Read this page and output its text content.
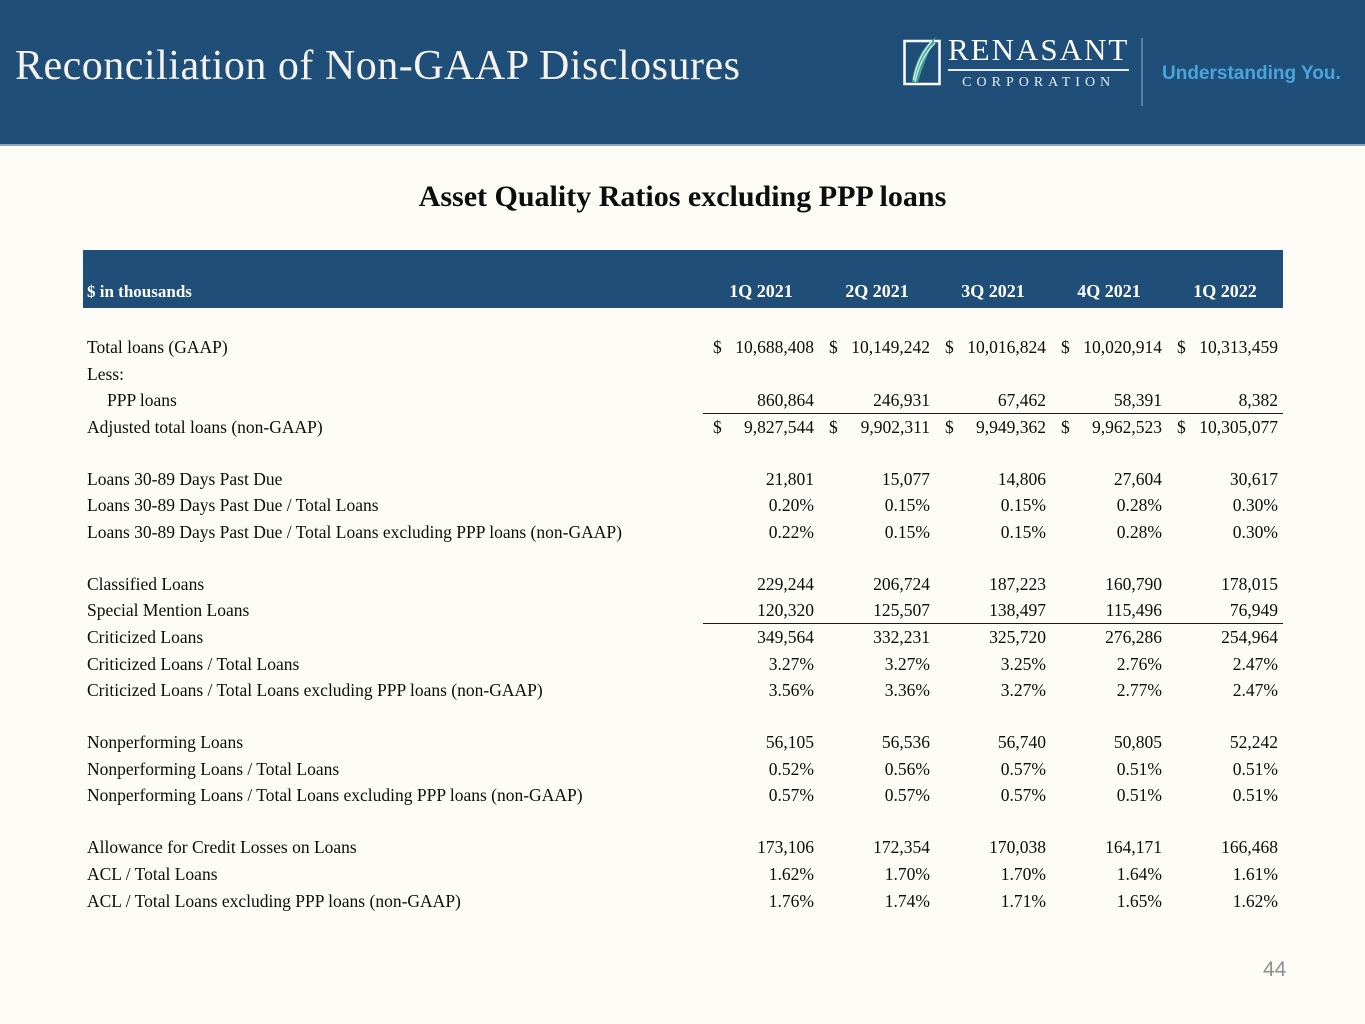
Reconciliation of Non-GAAP Disclosures	RENASANT
CORPORATION Understanding You.
Asset Quality Ratios excluding PPP loans
$ in thousands	1Q 2021	2Q 2021	3Q 2021	4Q 2021	1Q 2022
Total loans (GAAP)	$ 10,688,408 $ 10,149,242 $ 10,016,824 $ 10,020,914 $ 10,313,459
Less:
PPP loans	860,864	246,931	67,462	58,391	8,382
Adjusted total loans (non-GAAP)	$ 9,827,544 $ 9,902,311 $ 9,949,362 $ 9,962,523 $ 10,305,077
Loans 30-89 Days Past Due	21,801	15,077	14,806	27,604	30,617
Loans 30-89 Days Past Due / Total Loans	0.20%	0.15%	0.15%	0.28%	0.30%
Loans 30-89 Days Past Due / Total Loans excluding PPP loans (non-GAAP)	0.22%	0.15%	0.15%	0.28%	0.30%
Classified Loans	229,244	206,724	187,223	160,790	178,015
Special Mention Loans	120,320	125,507	138,497	115,496	76,949
Criticized Loans	349,564	332,231	325,720	276,286	254,964
Criticized Loans / Total Loans	3.27%	3.27%	3.25%	2.76%	2.47%
Criticized Loans / Total Loans excluding PPP loans (non-GAAP)	3.56%	3.36%	3.27%	2.77%	2.47%
Nonperforming Loans	56,105	56,536	56,740	50,805	52,242
Nonperforming Loans / Total Loans	0.52%	0.56%	0.57%	0.51%	0.51%
Nonperforming Loans / Total Loans excluding PPP loans (non-GAAP)	0.57%	0.57%	0.57%	0.51%	0.51%
Allowance for Credit Losses on Loans	173,106	172,354	170,038	164,171	166,468
ACL / Total Loans	1.62%	1.70%	1.70%	1.64%	1.61%
ACL / Total Loans excluding PPP loans (non-GAAP)	1.76%	1.74%	1.71%	1.65%	1.62%
44
